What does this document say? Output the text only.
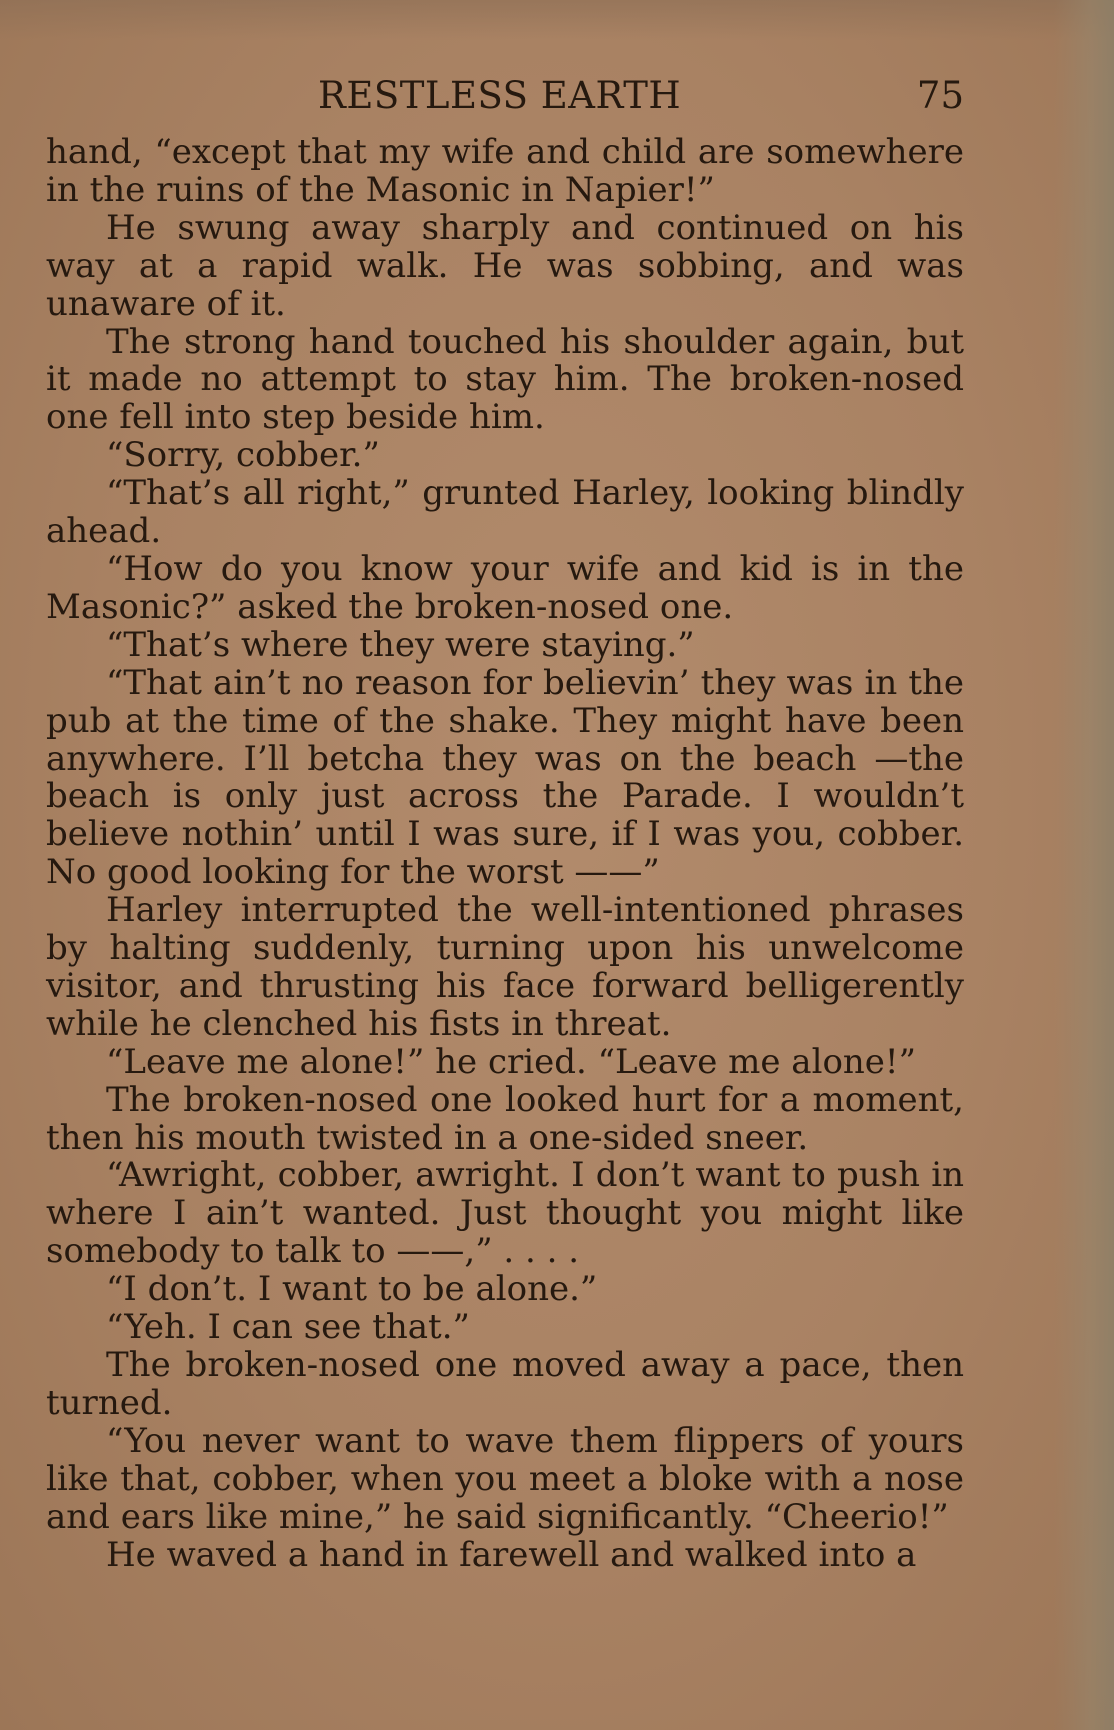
RESTLESS EARTH	75

hand, “except that my wife and child are somewhere in the ruins of the Masonic in Napier!”

He swung away sharply and continued on his way at a rapid walk. He was sobbing, and was unaware of it.

The strong hand touched his shoulder again, but it made no attempt to stay him. The broken-nosed one fell into step beside him.

“Sorry, cobber.”

“That’s all right,” grunted Harley, looking blindly ahead.

“How do you know your wife and kid is in the Masonic?” asked the broken-nosed one.

“That’s where they were staying.”

“That ain’t no reason for believin’ they was in the pub at the time of the shake. They might have been anywhere. I’ll betcha they was on the beach —the beach is only just across the Parade. I wouldn’t believe nothin’ until I was sure, if I was you, cobber. No good looking for the worst ——”

Harley interrupted the well-intentioned phrases by halting suddenly, turning upon his unwelcome visitor, and thrusting his face forward belligerently while he clenched his fists in threat.

“Leave me alone!” he cried. “Leave me alone!”

The broken-nosed one looked hurt for a moment, then his mouth twisted in a one-sided sneer.

“Awright, cobber, awright. I don’t want to push in where I ain’t wanted. Just thought you might like somebody to talk to ——,” . . . .

“I don’t. I want to be alone.”

“Yeh. I can see that.”

The broken-nosed one moved away a pace, then turned.

“You never want to wave them flippers of yours like that, cobber, when you meet a bloke with a nose and ears like mine,” he said significantly. “Cheerio!”

He waved a hand in farewell and walked into a
